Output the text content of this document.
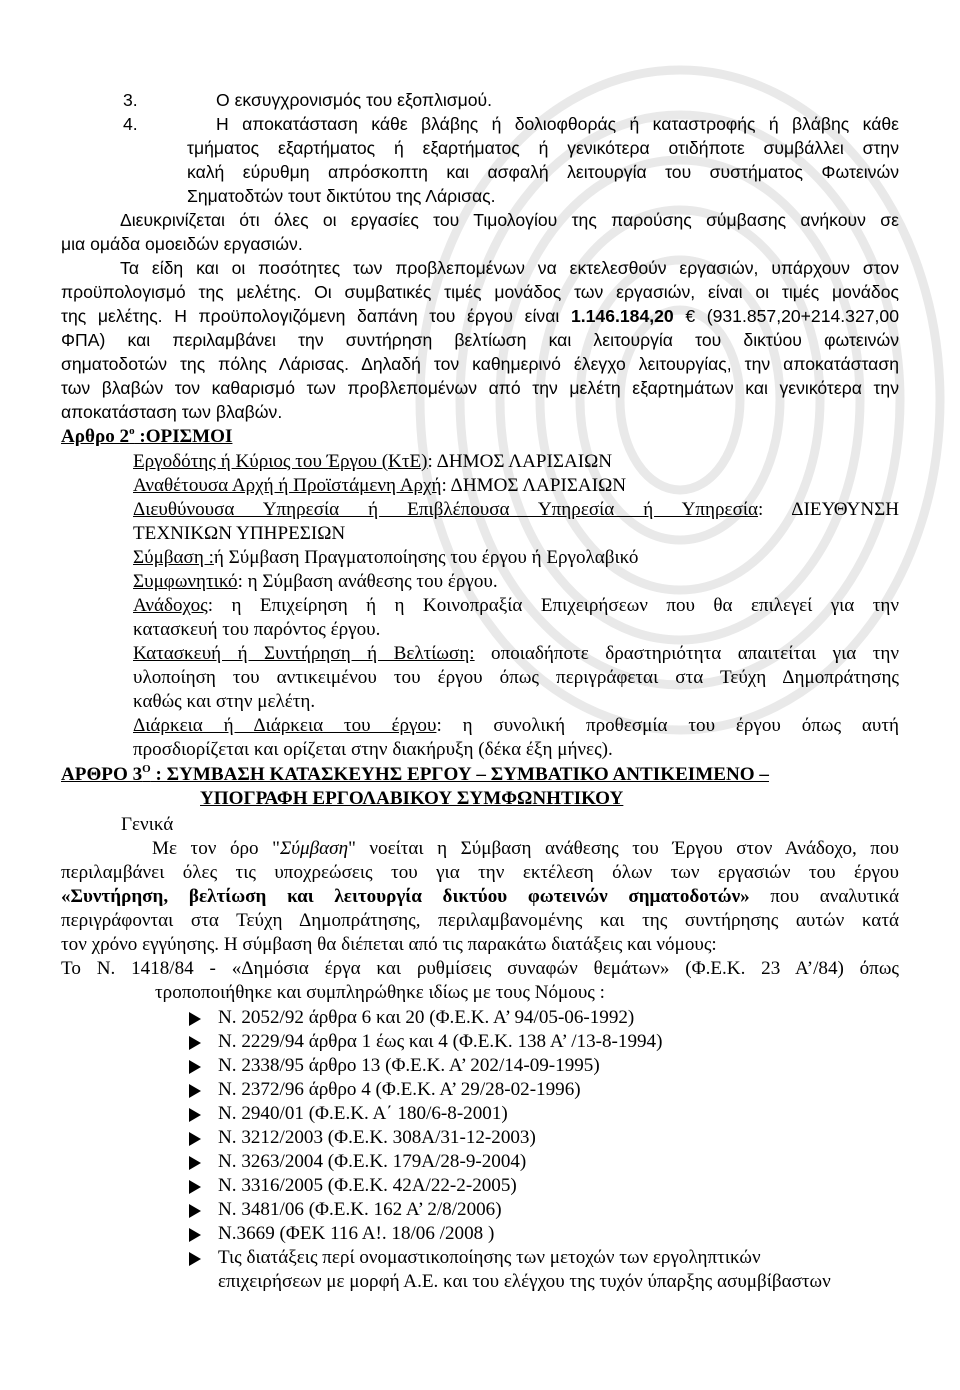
3.	Ο εκσυγχρονισμός του εξοπλισμού.
4.	Η αποκατάσταση κάθε βλάβης ή δολιοφθοράς ή καταστροφής ή βλάβης κάθε
τμήματος εξαρτήματος ή εξαρτήματος ή γενικότερα οτιδήποτε συμβάλλει στην
καλή εύρυθμη απρόσκοπτη και ασφαλή λειτουργία του συστήματος Φωτεινών
Σηματοδτών τουτ δικτύτου της Λάρισας.
Διευκρινίζεται ότι όλες οι εργασίες του Τιμολογίου της παρούσης σύμβασης ανήκουν σε
μια ομάδα ομοειδών εργασιών.
Τα είδη και οι ποσότητες των προβλεπομένων να εκτελεσθούν εργασιών, υπάρχουν στον
προϋπολογισμό της μελέτης. Οι συμβατικές τιμές μονάδος των εργασιών, είναι οι τιμές μονάδος
της μελέτης. Η προϋπολογιζόμενη δαπάνη του έργου είναι 1.146.184,20 € (931.857,20+214.327,00
ΦΠΑ) και περιλαμβάνει την συντήρηση βελτίωση και λειτουργία του δικτύου φωτεινών
σηματοδοτών της πόλης Λάρισας. Δηλαδή τον καθημερινό έλεγχο λειτουργίας, την αποκατάσταση
των βλαβών τον καθαρισμό των προβλεπομένων από την μελέτη εξαρτημάτων και γενικότερα την
αποκατάσταση των βλαβών.
Αρθρο $2^o$ :ΟΡΙΣΜΟΙ
Εργοδότης ή Κύριος του Έργου (ΚτΕ): ΔΗΜΟΣ ΛΑΡΙΣΑΙΩΝ
Αναθέτουσα Αρχή ή Προϊστάμενη Αρχή: ΔΗΜΟΣ ΛΑΡΙΣΑΙΩΝ
Διευθύνουσα Υπηρεσία ή Επιβλέπουσα Υπηρεσία ή Υπηρεσία: ΔΙΕΥΘΥΝΣΗ
ΤΕΧΝΙΚΩΝ ΥΠΗΡΕΣΙΩΝ
Σύμβαση :ή Σύμβαση Πραγματοποίησης του έργου ή Εργολαβικό
Συμφωνητικό: η Σύμβαση ανάθεσης του έργου.
Ανάδοχος: η Επιχείρηση ή η Κοινοπραξία Επιχειρήσεων που θα επιλεγεί για την
κατασκευή του παρόντος έργου.
Κατασκευή ή Συντήρηση ή Βελτίωση: οποιαδήποτε δραστηριότητα απαιτείται για την
υλοποίηση του αντικειμένου του έργου όπως περιγράφεται στα Τεύχη Δημοπράτησης
καθώς και στην μελέτη.
Διάρκεια ή Διάρκεια του έργου: η συνολική προθεσμία του έργου όπως αυτή
προσδιορίζεται και ορίζεται στην διακήρυξη (δέκα έξη μήνες).
ΑΡΘΡΟ $3^O$ : ΣΥΜΒΑΣΗ ΚΑΤΑΣΚΕΥΗΣ ΕΡΓΟΥ – ΣΥΜΒΑΤΙΚΟ ΑΝΤΙΚΕΙΜΕΝΟ –
ΥΠΟΓΡΑΦΗ ΕΡΓΟΛΑΒΙΚΟΥ ΣΥΜΦΩΝΗΤΙΚΟΥ
Γενικά
Με τον όρο "Σύμβαση" νοείται η Σύμβαση ανάθεσης του Έργου στον Ανάδοχο, που
περιλαμβάνει όλες τις υποχρεώσεις του για την εκτέλεση όλων των εργασιών του έργου
«Συντήρηση, βελτίωση και λειτουργία δικτύου φωτεινών σηματοδοτών» που αναλυτικά
περιγράφονται στα Τεύχη Δημοπράτησης, περιλαμβανομένης και της συντήρησης αυτών κατά
τον χρόνο εγγύησης. Η σύμβαση θα διέπεται από τις παρακάτω διατάξεις και νόμους:
Το Ν. 1418/84 - «Δημόσια έργα και ρυθμίσεις συναφών θεμάτων» (Φ.Ε.Κ. 23 Α’/84) όπως
τροποποιήθηκε και συμπληρώθηκε ιδίως με τους Νόμους :
Ν. 2052/92 άρθρα 6 και 20 (Φ.Ε.Κ. Α’ 94/05-06-1992)
Ν. 2229/94 άρθρα 1 έως και 4 (Φ.Ε.Κ. 138 Α’ /13-8-1994)
Ν. 2338/95 άρθρο 13 (Φ.Ε.Κ. Α’ 202/14-09-1995)
Ν. 2372/96 άρθρο 4 (Φ.Ε.Κ. Α’ 29/28-02-1996)
Ν. 2940/01 (Φ.Ε.Κ. Α΄ 180/6-8-2001)
Ν. 3212/2003 (Φ.Ε.Κ. 308Α/31-12-2003)
Ν. 3263/2004 (Φ.Ε.Κ. 179Α/28-9-2004)
Ν. 3316/2005 (Φ.Ε.Κ. 42Α/22-2-2005)
Ν. 3481/06 (Φ.Ε.Κ. 162 Α’ 2/8/2006)
Ν.3669 (ΦΕΚ 116 Α!. 18/06 /2008 )
Τις διατάξεις περί ονομαστικοποίησης των μετοχών των εργοληπτικών
επιχειρήσεων με μορφή Α.Ε. και του ελέγχου της τυχόν ύπαρξης ασυμβίβαστων
